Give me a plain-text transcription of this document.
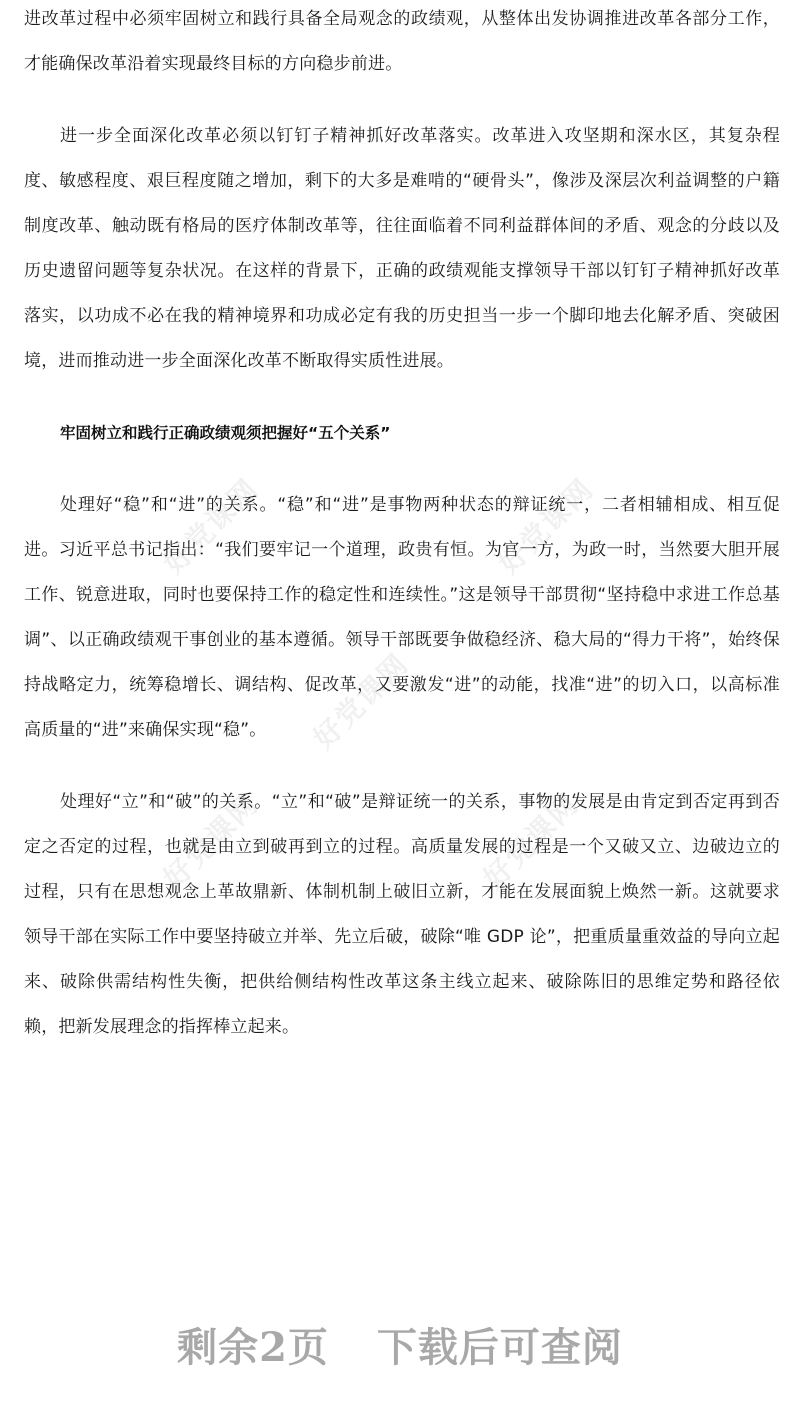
好党课网	好党课网
好党课网
好党课网	好党课网

进改革过程中必须牢固树立和践行具备全局观念的政绩观，从整体出发协调推进改革各部分工作，才能确保改革沿着实现最终目标的方向稳步前进。

进一步全面深化改革必须以钉钉子精神抓好改革落实。改革进入攻坚期和深水区，其复杂程度、敏感程度、艰巨程度随之增加，剩下的大多是难啃的“硬骨头”，像涉及深层次利益调整的户籍制度改革、触动既有格局的医疗体制改革等，往往面临着不同利益群体间的矛盾、观念的分歧以及历史遗留问题等复杂状况。在这样的背景下，正确的政绩观能支撑领导干部以钉钉子精神抓好改革落实，以功成不必在我的精神境界和功成必定有我的历史担当一步一个脚印地去化解矛盾、突破困境，进而推动进一步全面深化改革不断取得实质性进展。

牢固树立和践行正确政绩观须把握好“五个关系”

处理好“稳”和“进”的关系。“稳”和“进”是事物两种状态的辩证统一，二者相辅相成、相互促进。习近平总书记指出：“我们要牢记一个道理，政贵有恒。为官一方，为政一时，当然要大胆开展工作、锐意进取，同时也要保持工作的稳定性和连续性。”这是领导干部贯彻“坚持稳中求进工作总基调”、以正确政绩观干事创业的基本遵循。领导干部既要争做稳经济、稳大局的“得力干将”，始终保持战略定力，统筹稳增长、调结构、促改革，又要激发“进”的动能，找准“进”的切入口，以高标准高质量的“进”来确保实现“稳”。

处理好“立”和“破”的关系。“立”和“破”是辩证统一的关系，事物的发展是由肯定到否定再到否定之否定的过程，也就是由立到破再到立的过程。高质量发展的过程是一个又破又立、边破边立的过程，只有在思想观念上革故鼎新、体制机制上破旧立新，才能在发展面貌上焕然一新。这就要求领导干部在实际工作中要坚持破立并举、先立后破，破除“唯 GDP 论”，把重质量重效益的导向立起来、破除供需结构性失衡，把供给侧结构性改革这条主线立起来、破除陈旧的思维定势和路径依赖，把新发展理念的指挥棒立起来。

剩余2页 下载后可查阅
